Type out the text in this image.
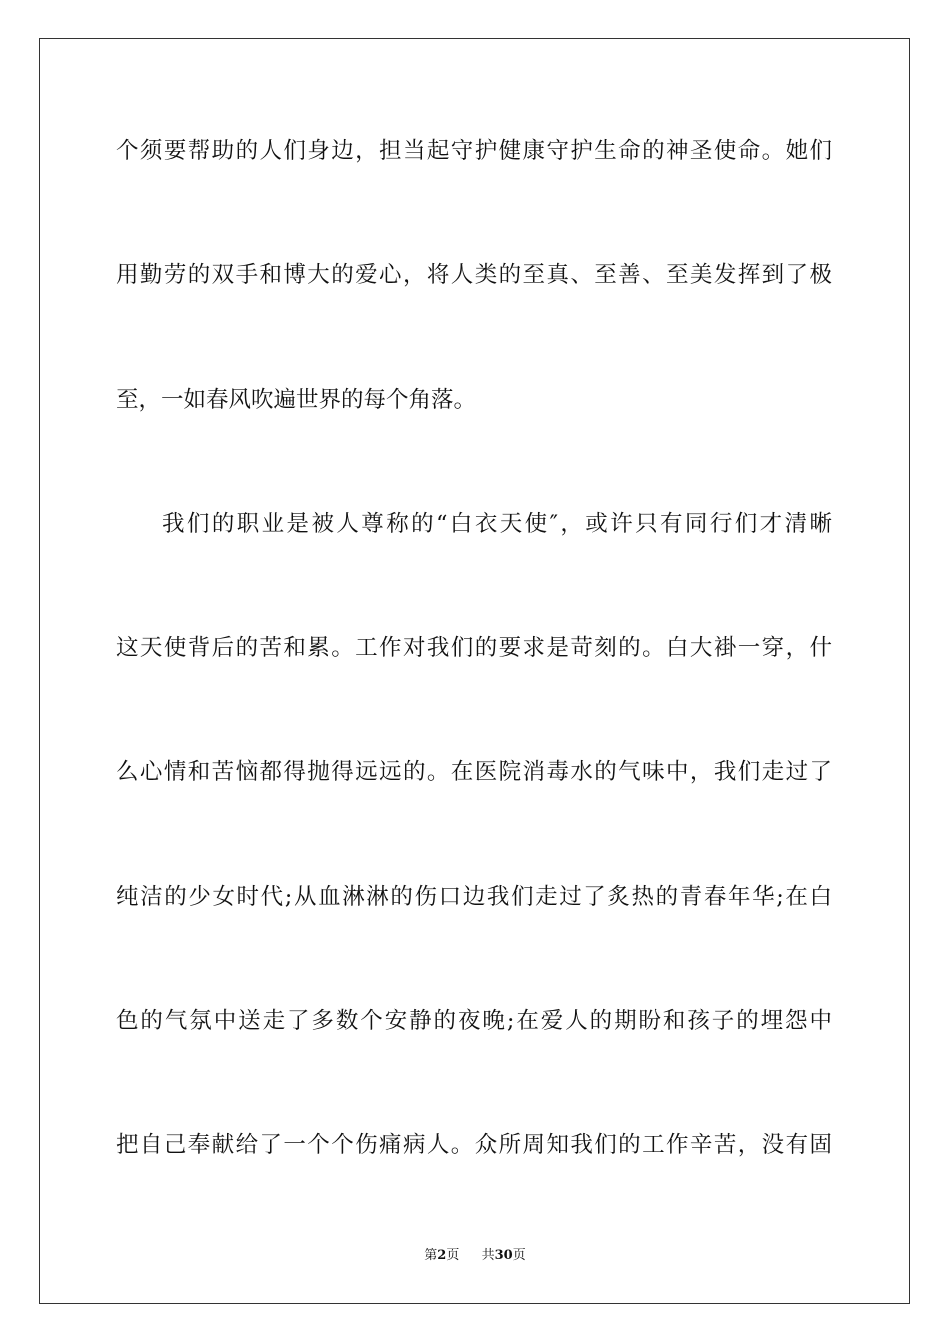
个须要帮助的人们身边，担当起守护健康守护生命的神圣使命。她们
用勤劳的双手和博大的爱心，将人类的至真、至善、至美发挥到了极
至，一如春风吹遍世界的每个角落。
我们的职业是被人尊称的“白衣天使″，或许只有同行们才清晰
这天使背后的苦和累。工作对我们的要求是苛刻的。白大褂一穿，什
么心情和苦恼都得抛得远远的。在医院消毒水的气味中，我们走过了
纯洁的少女时代;从血淋淋的伤口边我们走过了炙热的青春年华;在白
色的气氛中送走了多数个安静的夜晚;在爱人的期盼和孩子的埋怨中
把自己奉献给了一个个伤痛病人。众所周知我们的工作辛苦，没有固
第2页 共30页
